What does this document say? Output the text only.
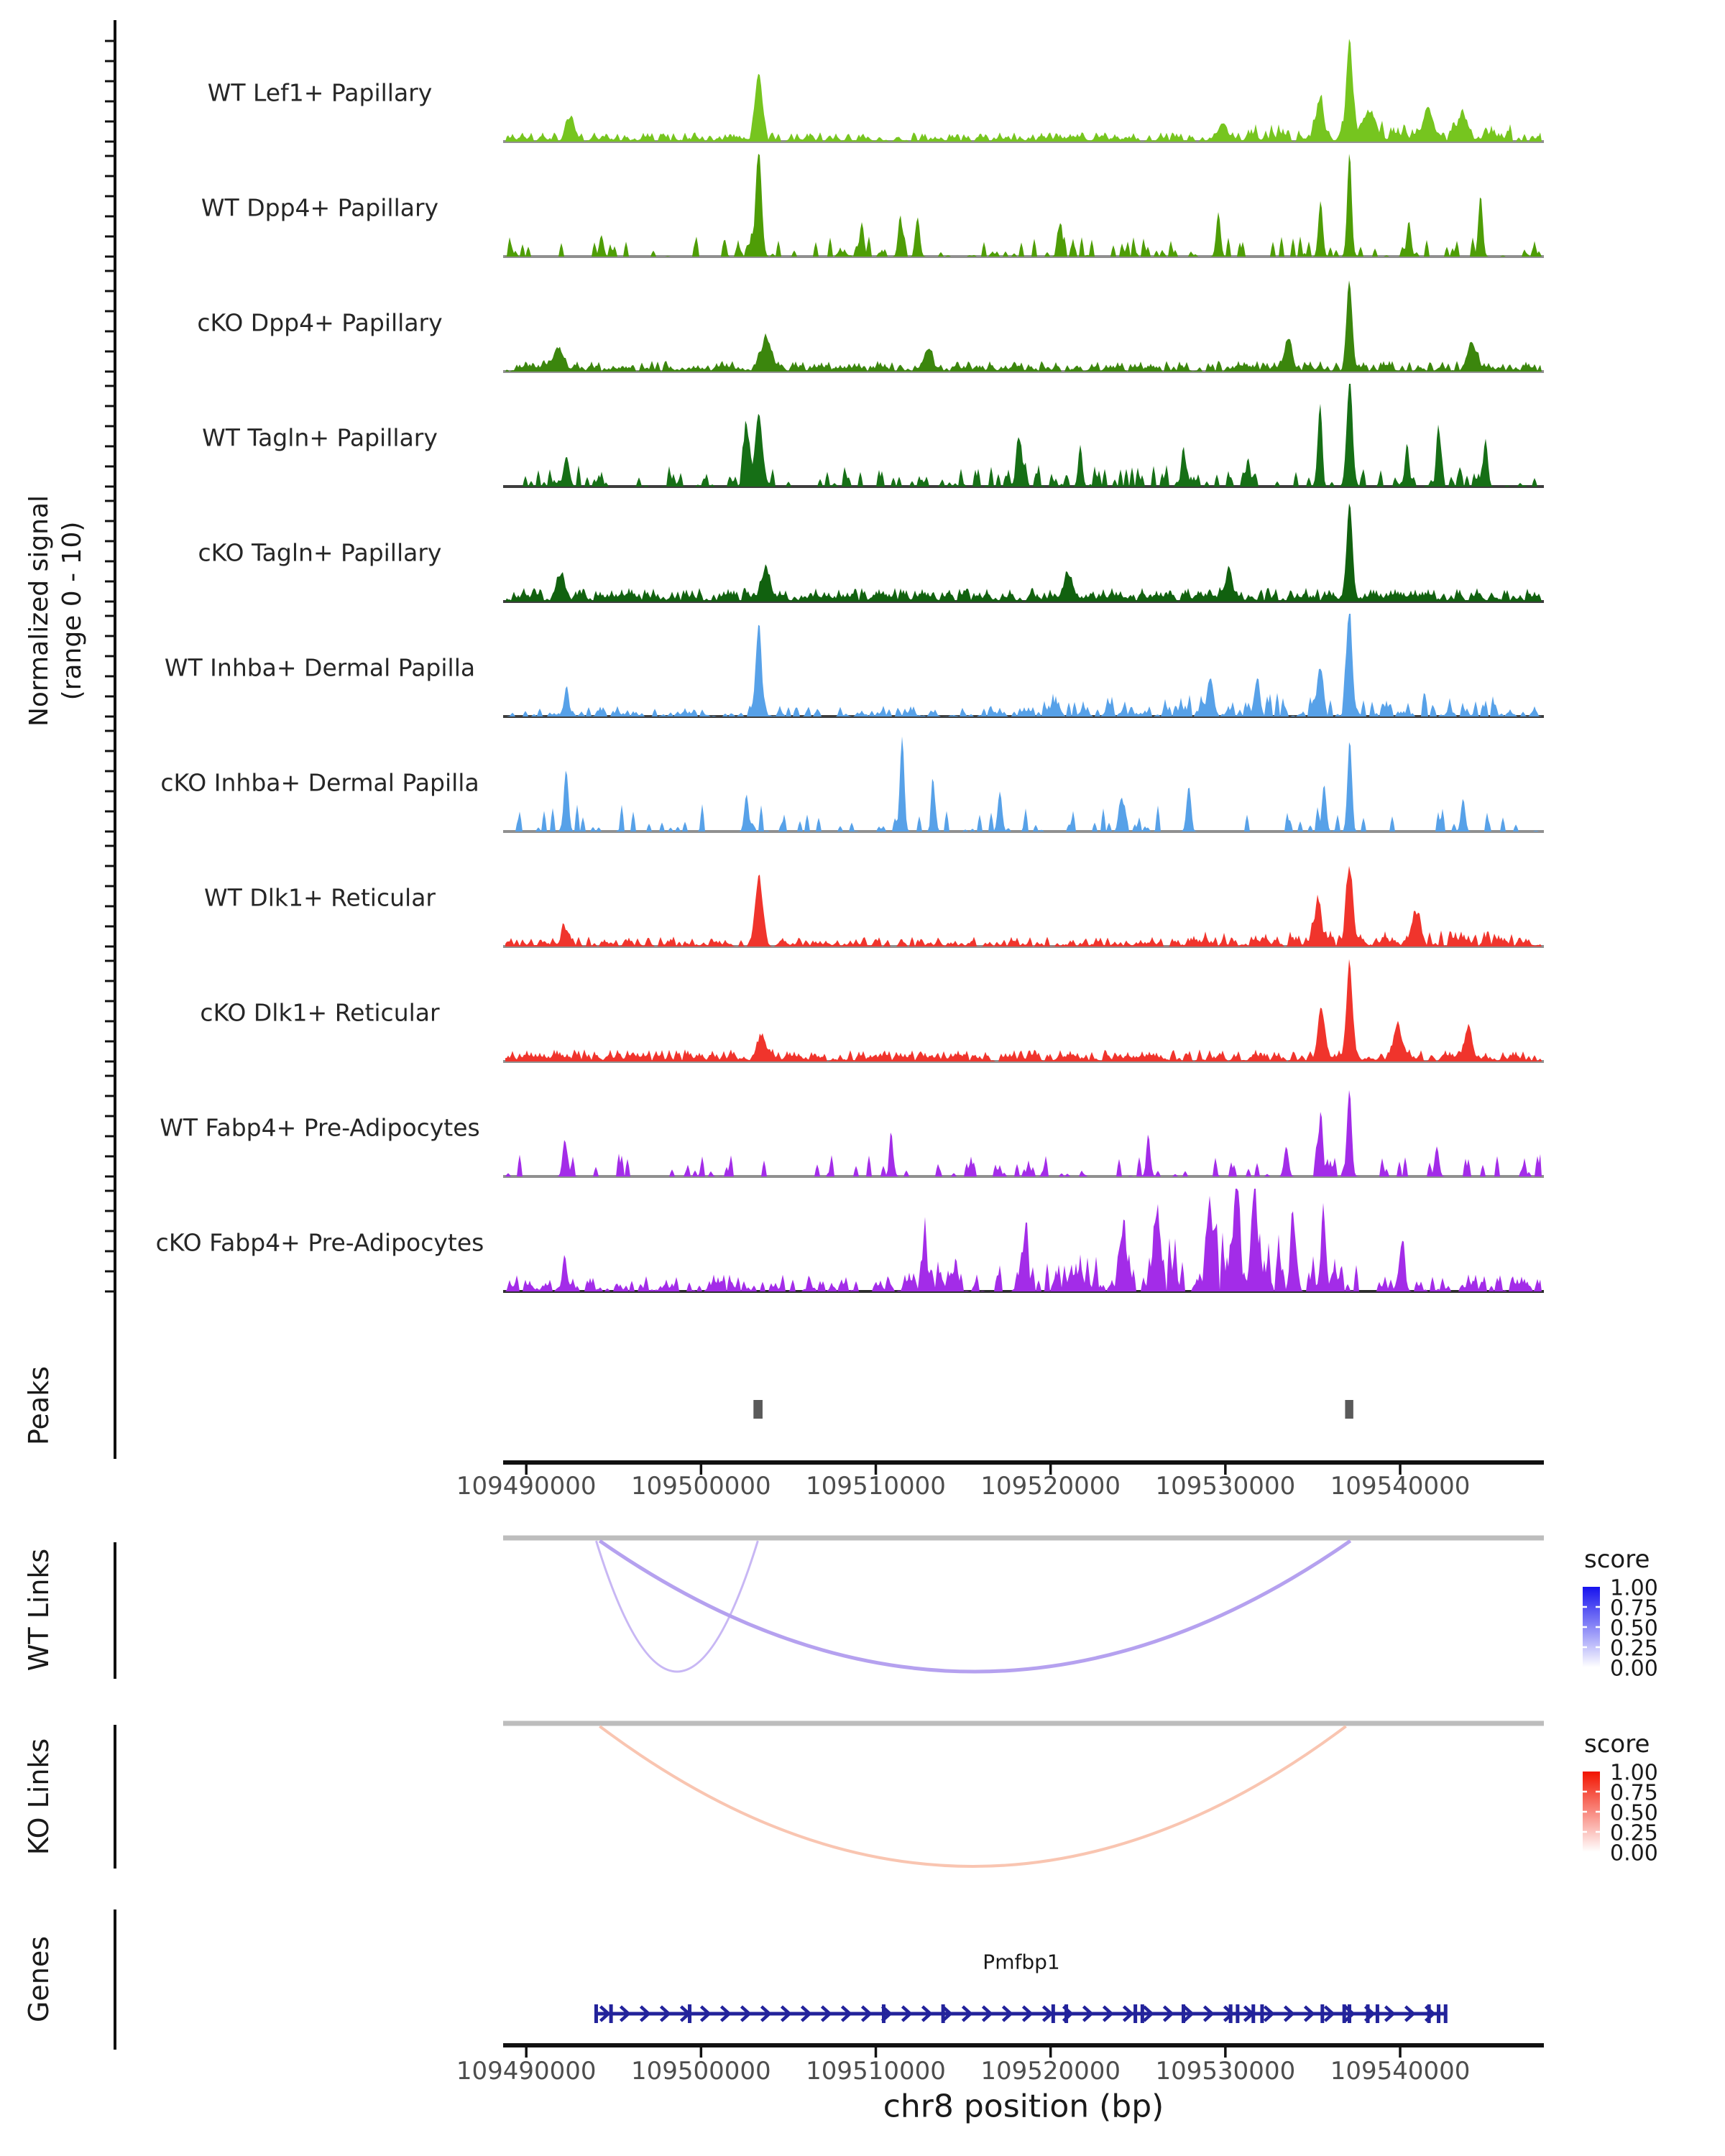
Normalized signal (range 0 - 10)
Peaks
WT Links
KO Links
Genes
score
score
Pmfbp1
chr8 position (bp)
WT Lef1+ Papillary
WT Dpp4+ Papillary
cKO Dpp4+ Papillary
WT Tagln+ Papillary
cKO Tagln+ Papillary
WT Inhba+ Dermal Papilla
cKO Inhba+ Dermal Papilla
WT Dlk1+ Reticular
cKO Dlk1+ Reticular
WT Fabp4+ Pre-Adipocytes
cKO Fabp4+ Pre-Adipocytes
109490000 109500000 109510000 109520000 109530000 109540000
109490000 109500000 109510000 109520000 109530000 109540000
1.00
0.75
0.50
0.25
0.00
1.00
0.75
0.50
0.25
0.00
